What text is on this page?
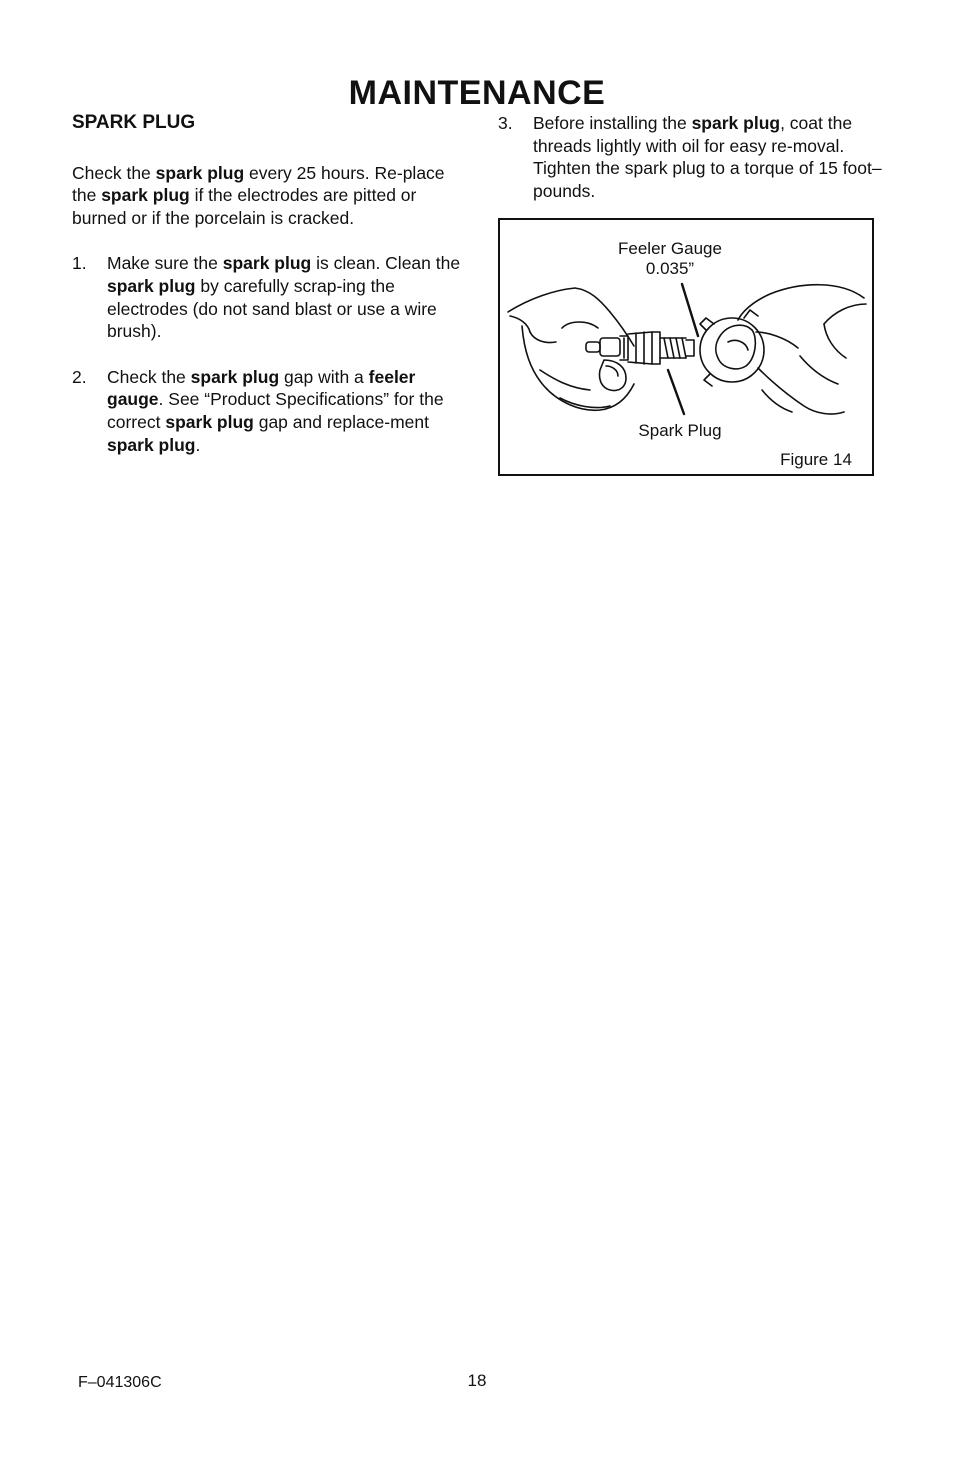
MAINTENANCE
SPARK PLUG

Check the spark plug every 25 hours. Re-place the spark plug if the electrodes are pitted or burned or if the porcelain is cracked.

1.	Make sure the spark plug is clean. Clean the spark plug by carefully scrap-ing the electrodes (do not sand blast or use a wire brush).
2.	Check the spark plug gap with a feeler gauge. See “Product Specifications” for the correct spark plug gap and replace-ment spark plug.
3.	Before installing the spark plug, coat the threads lightly with oil for easy re-moval. Tighten the spark plug to a torque of 15 foot–pounds.
Feeler Gauge
0.035”
Spark Plug
Figure 14
F–041306C	18
